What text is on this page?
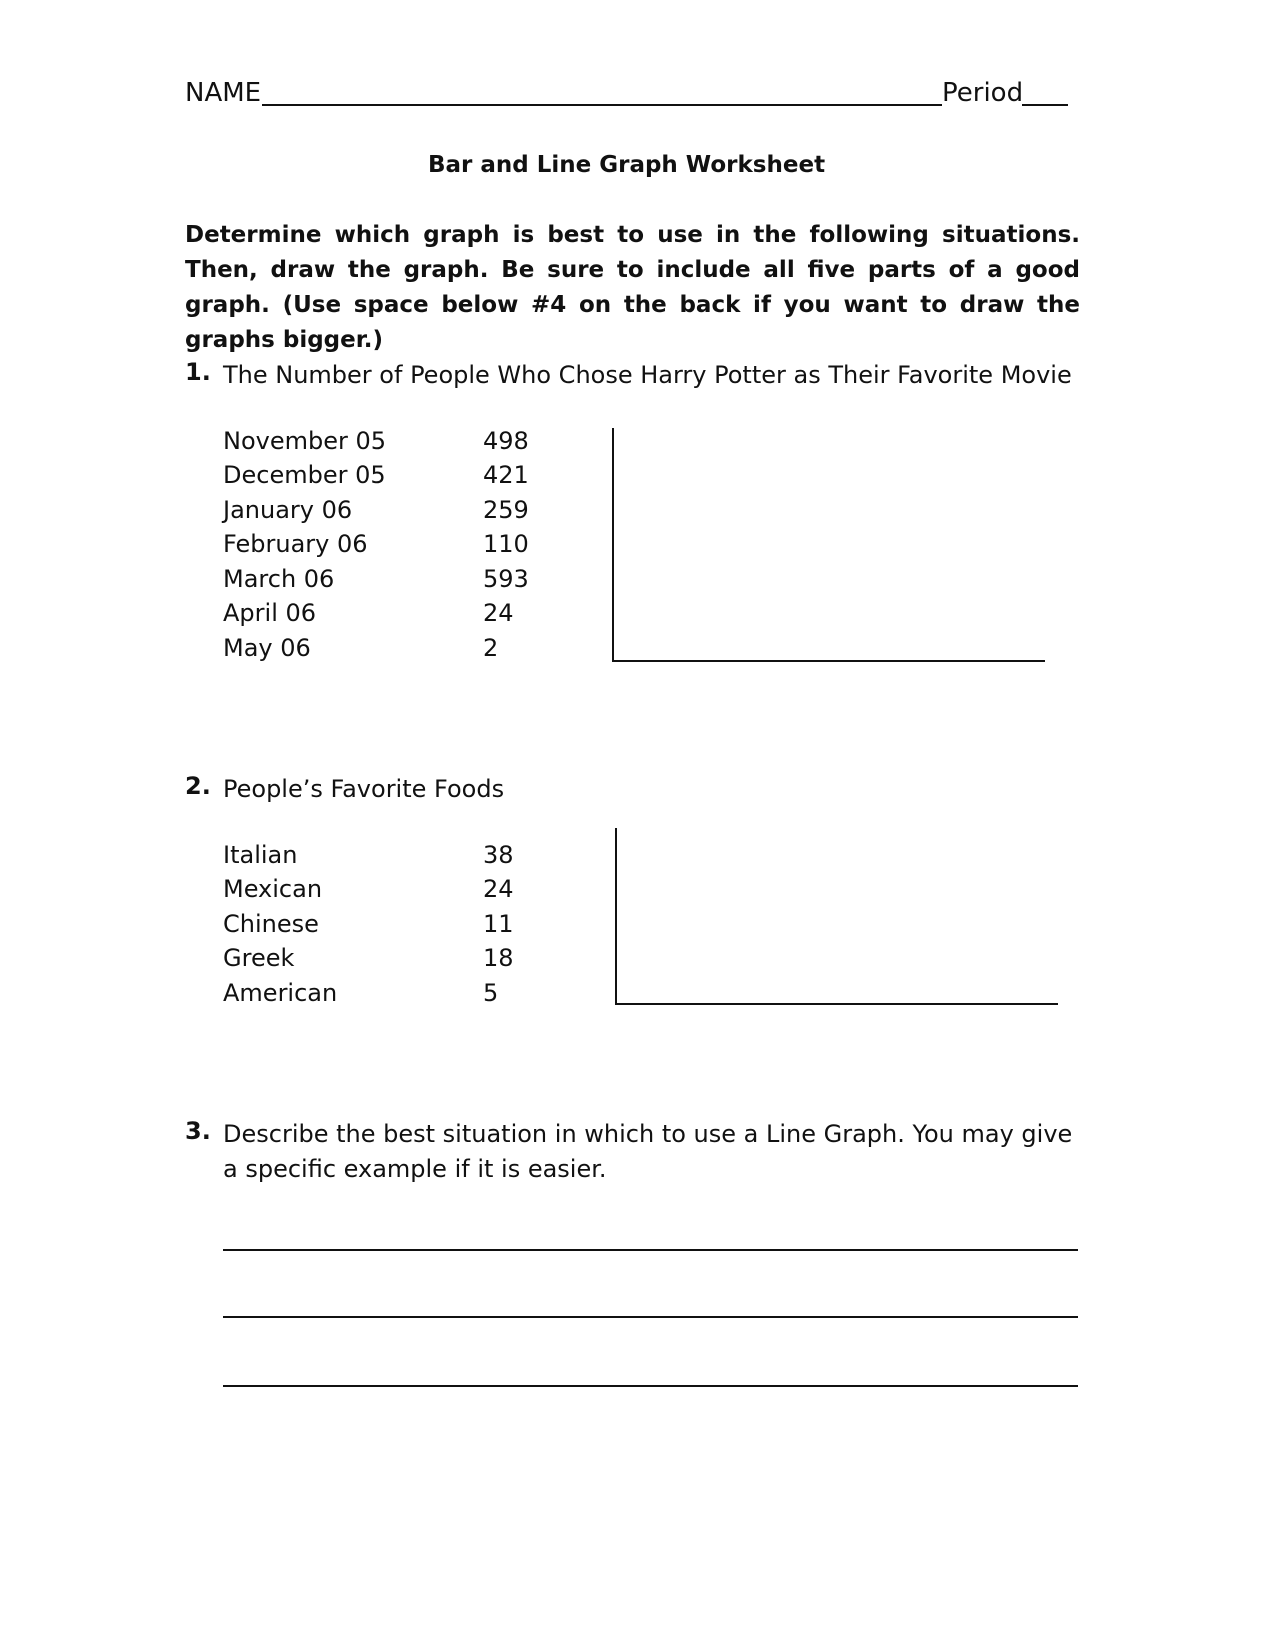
NAME	Period
Bar and Line Graph Worksheet
Determine which graph is best to use in the following situations. Then, draw the graph. Be sure to include all five parts of a good graph. (Use space below #4 on the back if you want to draw the graphs bigger.)
1. The Number of People Who Chose Harry Potter as Their Favorite Movie
November 05	498
December 05	421
January 06	259
February 06	110
March 06	593
April 06	24
May 06	2
2. People’s Favorite Foods
Italian	38
Mexican	24
Chinese	11
Greek	18
American	5
3. Describe the best situation in which to use a Line Graph. You may give a specific example if it is easier.
